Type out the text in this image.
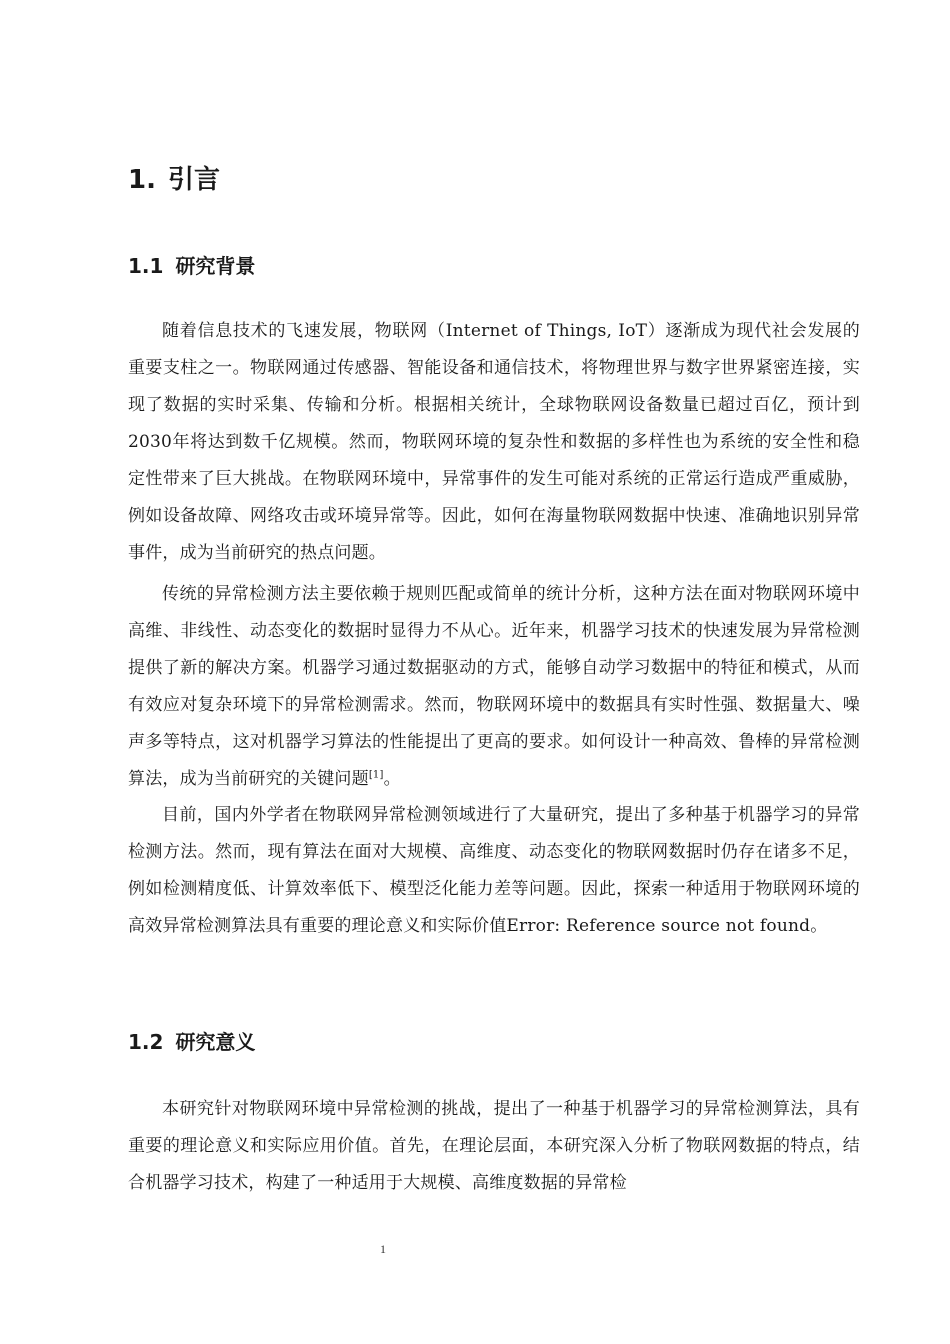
1. 引言
1.1 研究背景

随着信息技术的飞速发展，物联网（Internet of Things, IoT）逐渐成为现代社会发展的重要支柱之一。物联网通过传感器、智能设备和通信技术，将物理世界与数字世界紧密连接，实现了数据的实时采集、传输和分析。根据相关统计，全球物联网设备数量已超过百亿，预计到2030年将达到数千亿规模。然而，物联网环境的复杂性和数据的多样性也为系统的安全性和稳定性带来了巨大挑战。在物联网环境中，异常事件的发生可能对系统的正常运行造成严重威胁，例如设备故障、网络攻击或环境异常等。因此，如何在海量物联网数据中快速、准确地识别异常事件，成为当前研究的热点问题。

传统的异常检测方法主要依赖于规则匹配或简单的统计分析，这种方法在面对物联网环境中高维、非线性、动态变化的数据时显得力不从心。近年来，机器学习技术的快速发展为异常检测提供了新的解决方案。机器学习通过数据驱动的方式，能够自动学习数据中的特征和模式，从而有效应对复杂环境下的异常检测需求。然而，物联网环境中的数据具有实时性强、数据量大、噪声多等特点，这对机器学习算法的性能提出了更高的要求。如何设计一种高效、鲁棒的异常检测算法，成为当前研究的关键问题[1]。

目前，国内外学者在物联网异常检测领域进行了大量研究，提出了多种基于机器学习的异常检测方法。然而，现有算法在面对大规模、高维度、动态变化的物联网数据时仍存在诸多不足，例如检测精度低、计算效率低下、模型泛化能力差等问题。因此，探索一种适用于物联网环境的高效异常检测算法具有重要的理论意义和实际价值Error: Reference source not found。

1.2 研究意义

本研究针对物联网环境中异常检测的挑战，提出了一种基于机器学习的异常检测算法，具有重要的理论意义和实际应用价值。首先，在理论层面，本研究深入分析了物联网数据的特点，结合机器学习技术，构建了一种适用于大规模、高维度数据的异常检

1
